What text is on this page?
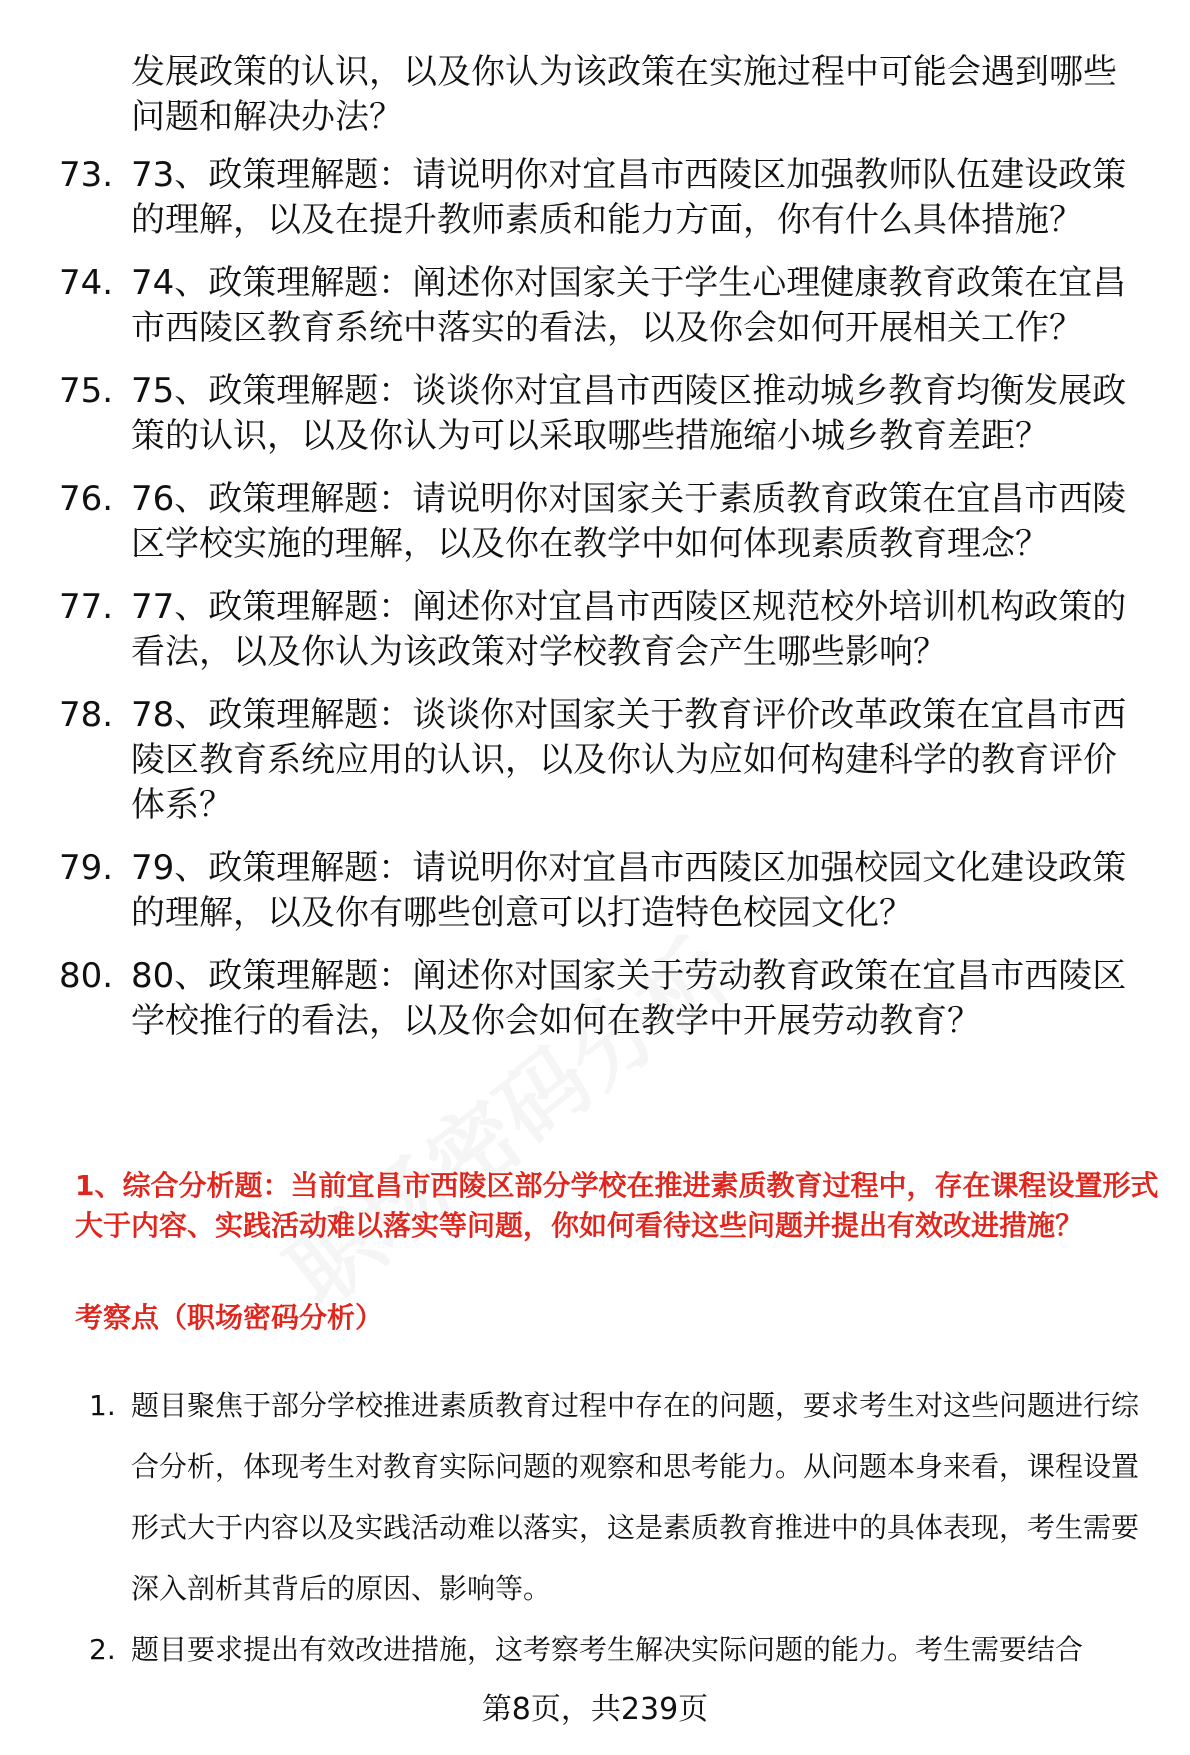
发展政策的认识，以及你认为该政策在实施过程中可能会遇到哪些问题和解决办法？
73. 73、政策理解题：请说明你对宜昌市西陵区加强教师队伍建设政策的理解，以及在提升教师素质和能力方面，你有什么具体措施？
74. 74、政策理解题：阐述你对国家关于学生心理健康教育政策在宜昌市西陵区教育系统中落实的看法，以及你会如何开展相关工作？
75. 75、政策理解题：谈谈你对宜昌市西陵区推动城乡教育均衡发展政策的认识，以及你认为可以采取哪些措施缩小城乡教育差距？
76. 76、政策理解题：请说明你对国家关于素质教育政策在宜昌市西陵区学校实施的理解，以及你在教学中如何体现素质教育理念？
77. 77、政策理解题：阐述你对宜昌市西陵区规范校外培训机构政策的看法，以及你认为该政策对学校教育会产生哪些影响？
78. 78、政策理解题：谈谈你对国家关于教育评价改革政策在宜昌市西陵区教育系统应用的认识，以及你认为应如何构建科学的教育评价体系？
79. 79、政策理解题：请说明你对宜昌市西陵区加强校园文化建设政策的理解，以及你有哪些创意可以打造特色校园文化？
80. 80、政策理解题：阐述你对国家关于劳动教育政策在宜昌市西陵区学校推行的看法，以及你会如何在教学中开展劳动教育？
1、综合分析题：当前宜昌市西陵区部分学校在推进素质教育过程中，存在课程设置形式大于内容、实践活动难以落实等问题，你如何看待这些问题并提出有效改进措施？
考察点（职场密码分析）
1. 题目聚焦于部分学校推进素质教育过程中存在的问题，要求考生对这些问题进行综合分析，体现考生对教育实际问题的观察和思考能力。从问题本身来看，课程设置形式大于内容以及实践活动难以落实，这是素质教育推进中的具体表现，考生需要深入剖析其背后的原因、影响等。
2. 题目要求提出有效改进措施，这考察考生解决实际问题的能力。考生需要结合
第8页，共239页
